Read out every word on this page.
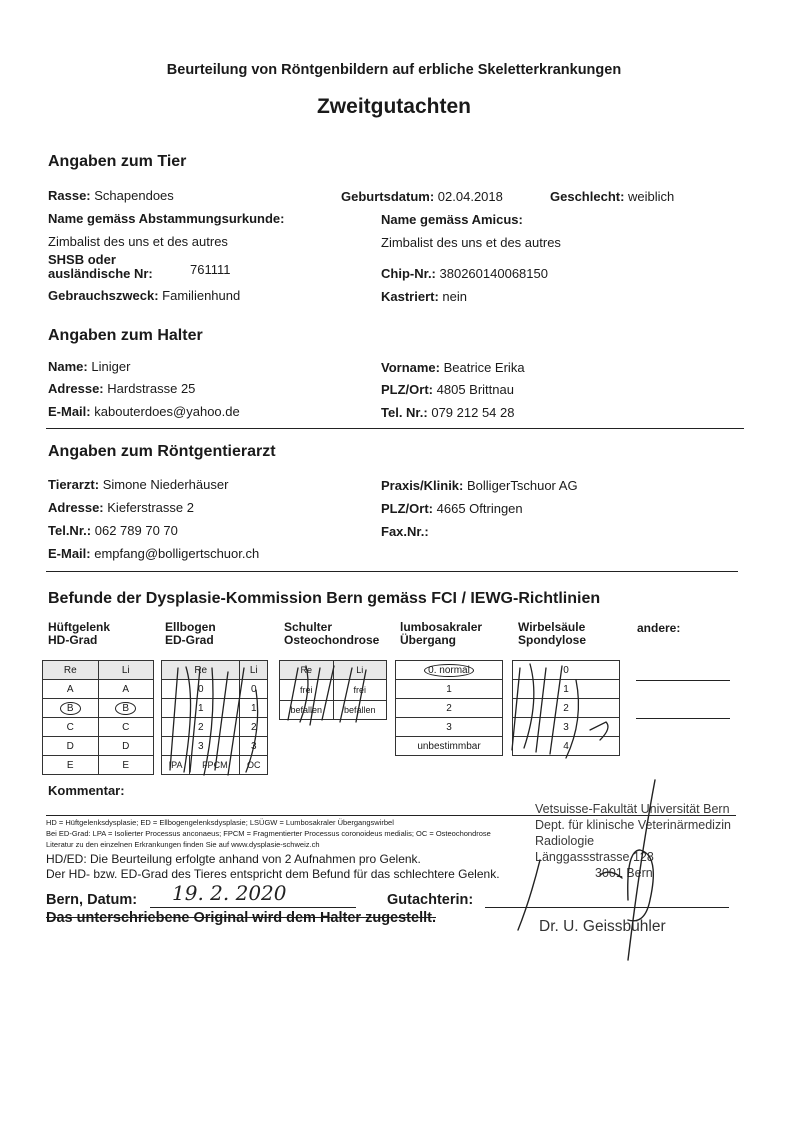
Beurteilung von Röntgenbildern auf erbliche Skeletterkrankungen
Zweitgutachten
Angaben zum Tier
Rasse: Schapendoes	Geburtsdatum: 02.04.2018	Geschlecht: weiblich
Name gemäss Abstammungsurkunde:	Name gemäss Amicus:
Zimbalist des uns et des autres	Zimbalist des uns et des autres
SHSB oder
ausländische Nr:	761111	Chip-Nr.: 380260140068150
Gebrauchszweck: Familienhund	Kastriert: nein
Angaben zum Halter
Name: Liniger	Vorname: Beatrice Erika
Adresse: Hardstrasse 25	PLZ/Ort: 4805 Brittnau
E-Mail: kabouterdoes@yahoo.de	Tel. Nr.: 079 212 54 28
Angaben zum Röntgentierarzt
Tierarzt: Simone Niederhäuser	Praxis/Klinik: BolligerTschuor AG
Adresse: Kieferstrasse 2	PLZ/Ort: 4665 Oftringen
Tel.Nr.: 062 789 70 70	Fax.Nr.:
E-Mail: empfang@bolligertschuor.ch
Befunde der Dysplasie-Kommission Bern gemäss FCI / IEWG-Richtlinien
Hüftgelenk
HD-Grad
Ellbogen
ED-Grad
Schulter
Osteochondrose
lumbosakraler
Übergang
Wirbelsäule
Spondylose
andere:
Re	Li
A	A
B	B
C	C
D	D
E	E
Re		Li
0		0
1		1
2		2
3		3
IPA	FPCM	OC
Re	Li
frei	frei
befallen	befallen
0. normal
1
2
3
unbestimmbar
0
1
2
3
4
Kommentar:
HD = Hüftgelenksdysplasie; ED = Ellbogengelenksdysplasie; LSÜGW = Lumbosakraler Übergangswirbel
Bei ED-Grad: LPA = Isolierter Processus anconaeus; FPCM = Fragmentierter Processus coronoideus medialis; OC = Osteochondrose
Literatur zu den einzelnen Erkrankungen finden Sie auf www.dysplasie-schweiz.ch
HD/ED: Die Beurteilung erfolgte anhand von 2 Aufnahmen pro Gelenk.
Der HD- bzw. ED-Grad des Tieres entspricht dem Befund für das schlechtere Gelenk.
Vetsuisse-Fakultät Universität Bern
Dept. für klinische Veterinärmedizin
Radiologie
Länggassstrasse 128
3001 Bern
Bern, Datum: 19. 2. 2020	Gutachterin:
Das unterschriebene Original wird dem Halter zugestellt.	Dr. U. Geissbühler
